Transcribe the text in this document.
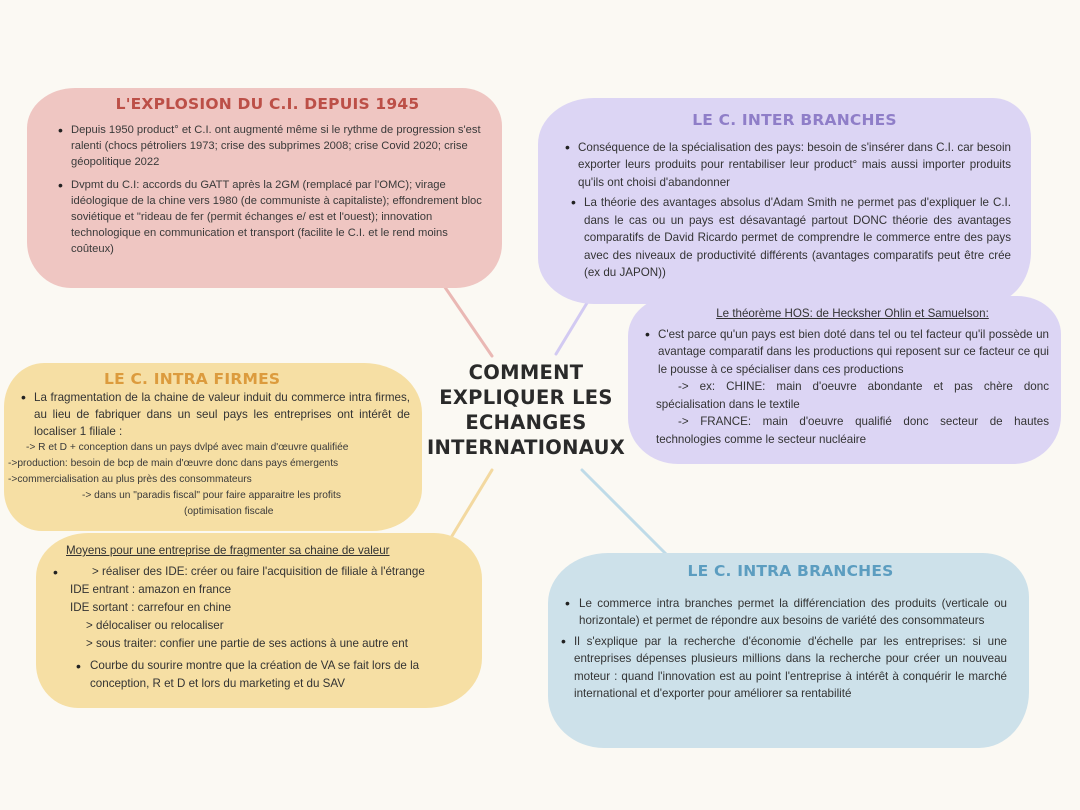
L'EXPLOSION DU C.I. DEPUIS 1945
• Depuis 1950 product° et C.I. ont augmenté même si le rythme de progression s'est ralenti (chocs pétroliers 1973; crise des subprimes 2008; crise Covid 2020; crise géopolitique 2022
• Dvpmt du C.I: accords du GATT après la 2GM (remplacé par l'OMC); virage idéologique de la chine vers 1980 (de communiste à capitaliste); effondrement bloc soviétique et "rideau de fer (permit échanges e/ est et l'ouest); innovation technologique en communication et transport (facilite le C.I. et le rend moins coûteux)
LE C. INTER BRANCHES
• Conséquence de la spécialisation des pays: besoin de s'insérer dans C.I. car besoin exporter leurs produits pour rentabiliser leur product° mais aussi importer produits qu'ils ont choisi d'abandonner
• La théorie des avantages absolus d'Adam Smith ne permet pas d'expliquer le C.I. dans le cas ou un pays est désavantagé partout DONC théorie des avantages comparatifs de David Ricardo permet de comprendre le commerce entre des pays avec des niveaux de productivité différents (avantages comparatifs peut être crée (ex du JAPON))
Le théorème HOS: de Hecksher Ohlin et Samuelson:
• C'est parce qu'un pays est bien doté dans tel ou tel facteur qu'il possède un avantage comparatif dans les productions qui reposent sur ce facteur ce qui le pousse à ce spécialiser dans ces productions
-> ex: CHINE: main d'oeuvre abondante et pas chère donc
spécialisation dans le textile
-> FRANCE: main d'oeuvre qualifié donc secteur de hautes
technologies comme le secteur nucléaire
LE C. INTRA FIRMES
• La fragmentation de la chaine de valeur induit du commerce intra firmes, au lieu de fabriquer dans un seul pays les entreprises ont intérêt de localiser 1 filiale :
-> R et D + conception dans un pays dvlpé avec main d'œuvre qualifiée
->production: besoin de bcp de main d'œuvre donc dans pays émergents
->commercialisation au plus près des consommateurs
-> dans un "paradis fiscal" pour faire apparaitre les profits
(optimisation fiscale
Moyens pour une entreprise de fragmenter sa chaine de valeur
• > réaliser des IDE: créer ou faire l'acquisition de filiale à l'étrange
IDE entrant : amazon en france
IDE sortant : carrefour en chine
> délocaliser ou relocaliser
> sous traiter: confier une partie de ses actions à une autre ent
• Courbe du sourire montre que la création de VA se fait lors de la conception, R et D et lors du marketing et du SAV
LE C. INTRA BRANCHES
• Le commerce intra branches permet la différenciation des produits (verticale ou horizontale) et permet de répondre aux besoins de variété des consommateurs
• Il s'explique par la recherche d'économie d'échelle par les entreprises: si une entreprises dépenses plusieurs millions dans la recherche pour créer un nouveau moteur : quand l'innovation est au point l'entreprise à intérêt à conquérir le marché international et d'exporter pour améliorer sa rentabilité
COMMENT
EXPLIQUER LES
ECHANGES
INTERNATIONAUX
